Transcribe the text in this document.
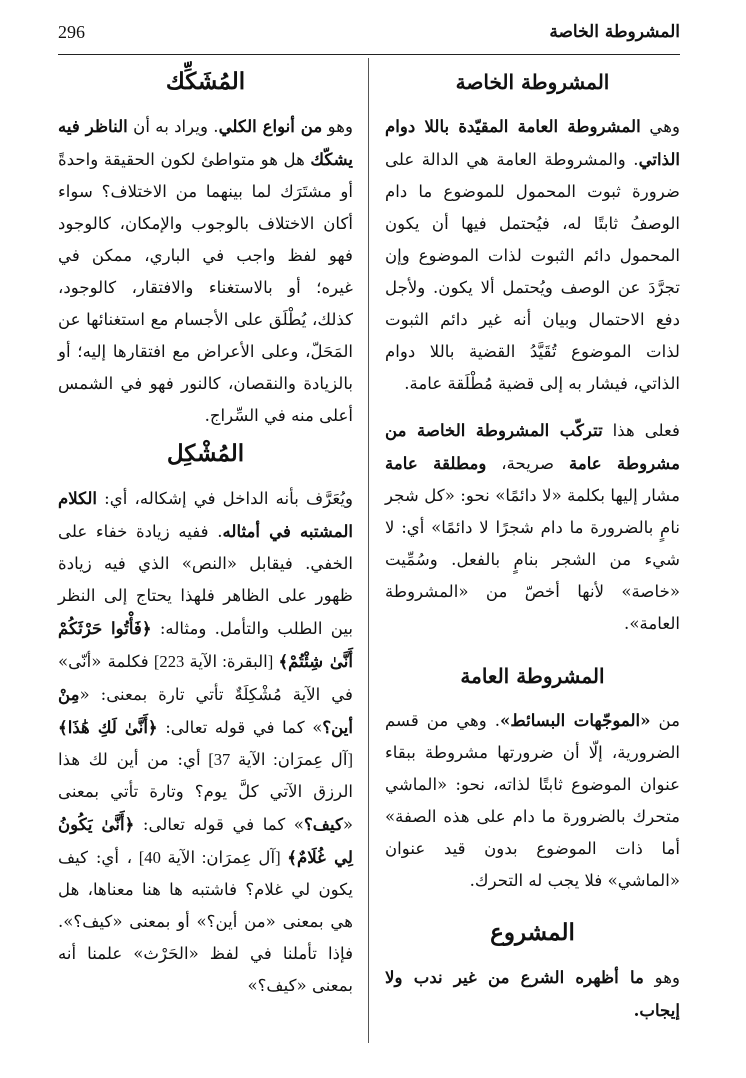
المشروطة الخاصة
296
المشروطة الخاصة

وهي المشروطة العامة المقيّدة باللا دوام الذاتي. والمشروطة العامة هي الدالة على ضرورة ثبوت المحمول للموضوع ما دام الوصفُ ثابتًا له، فيُحتمل فيها أن يكون المحمول دائم الثبوت لذات الموضوع وإن تجرَّدَ عن الوصف ويُحتمل ألا يكون. ولأجل دفع الاحتمال وبيان أنه غير دائم الثبوت لذات الموضوع تُقَيَّدُ القضية باللا دوام الذاتي، فيشار به إلى قضية مُطْلَقة عامة.

فعلى هذا تتركّب المشروطة الخاصة من مشروطة عامة صريحة، ومطلقة عامة مشار إليها بكلمة «لا دائمًا» نحو: «كل شجر نامٍ بالضرورة ما دام شجرًا لا دائمًا» أي: لا شيء من الشجر بنامٍ بالفعل. وسُمِّيت «خاصة» لأنها أخصّ من «المشروطة العامة».

المشروطة العامة

من «الموجّهات البسائط». وهي من قسم الضرورية، إلّا أن ضرورتها مشروطة ببقاء عنوان الموضوع ثابتًا لذاته، نحو: «الماشي متحرك بالضرورة ما دام على هذه الصفة» أما ذات الموضوع بدون قيد عنوان «الماشي» فلا يجب له التحرك.

المشروع

وهو ما أظهره الشرع من غير ندب ولا إيجاب.

المُشَكِّك

وهو من أنواع الكلي. ويراد به أن الناظر فيه يشكّك هل هو متواطئ لكون الحقيقة واحدةً أو مشتَرَك لما بينهما من الاختلاف؟ سواء أكان الاختلاف بالوجوب والإمكان، كالوجود فهو لفظ واجب في الباري، ممكن في غيره؛ أو بالاستغناء والافتقار، كالوجود، كذلك، يُطْلَق على الأجسام مع استغنائها عن المَحَلّ، وعلى الأعراض مع افتقارها إليه؛ أو بالزيادة والنقصان، كالنور فهو في الشمس أعلى منه في السِّراج.

المُشْكِل

ويُعَرَّف بأنه الداخل في إشكاله، أي: الكلام المشتبه في أمثاله. ففيه زيادة خفاء على الخفي. فيقابل «النص» الذي فيه زيادة ظهور على الظاهر فلهذا يحتاج إلى النظر بين الطلب والتأمل. ومثاله: ﴿فَأْتُوا حَرْثَكُمْ أَنَّىٰ شِئْتُمْ﴾ [البقرة: الآية 223] فكلمة «أنّى» في الآية مُشْكِلَةٌ تأتي تارة بمعنى: «مِنْ أين؟» كما في قوله تعالى: ﴿أَنَّىٰ لَكِ هَٰذَا﴾ [آل عِمرَان: الآية 37] أي: من أين لك هذا الرزق الآتي كلَّ يوم؟ وتارة تأتي بمعنى «كيف؟» كما في قوله تعالى: ﴿أَنَّىٰ يَكُونُ لِي غُلَامٌ﴾ [آل عِمرَان: الآية 40] ، أي: كيف يكون لي غلام؟ فاشتبه ها هنا معناها، هل هي بمعنى «من أين؟» أو بمعنى «كيف؟». فإذا تأملنا في لفظ «الحَرْث» علمنا أنه بمعنى «كيف؟»
